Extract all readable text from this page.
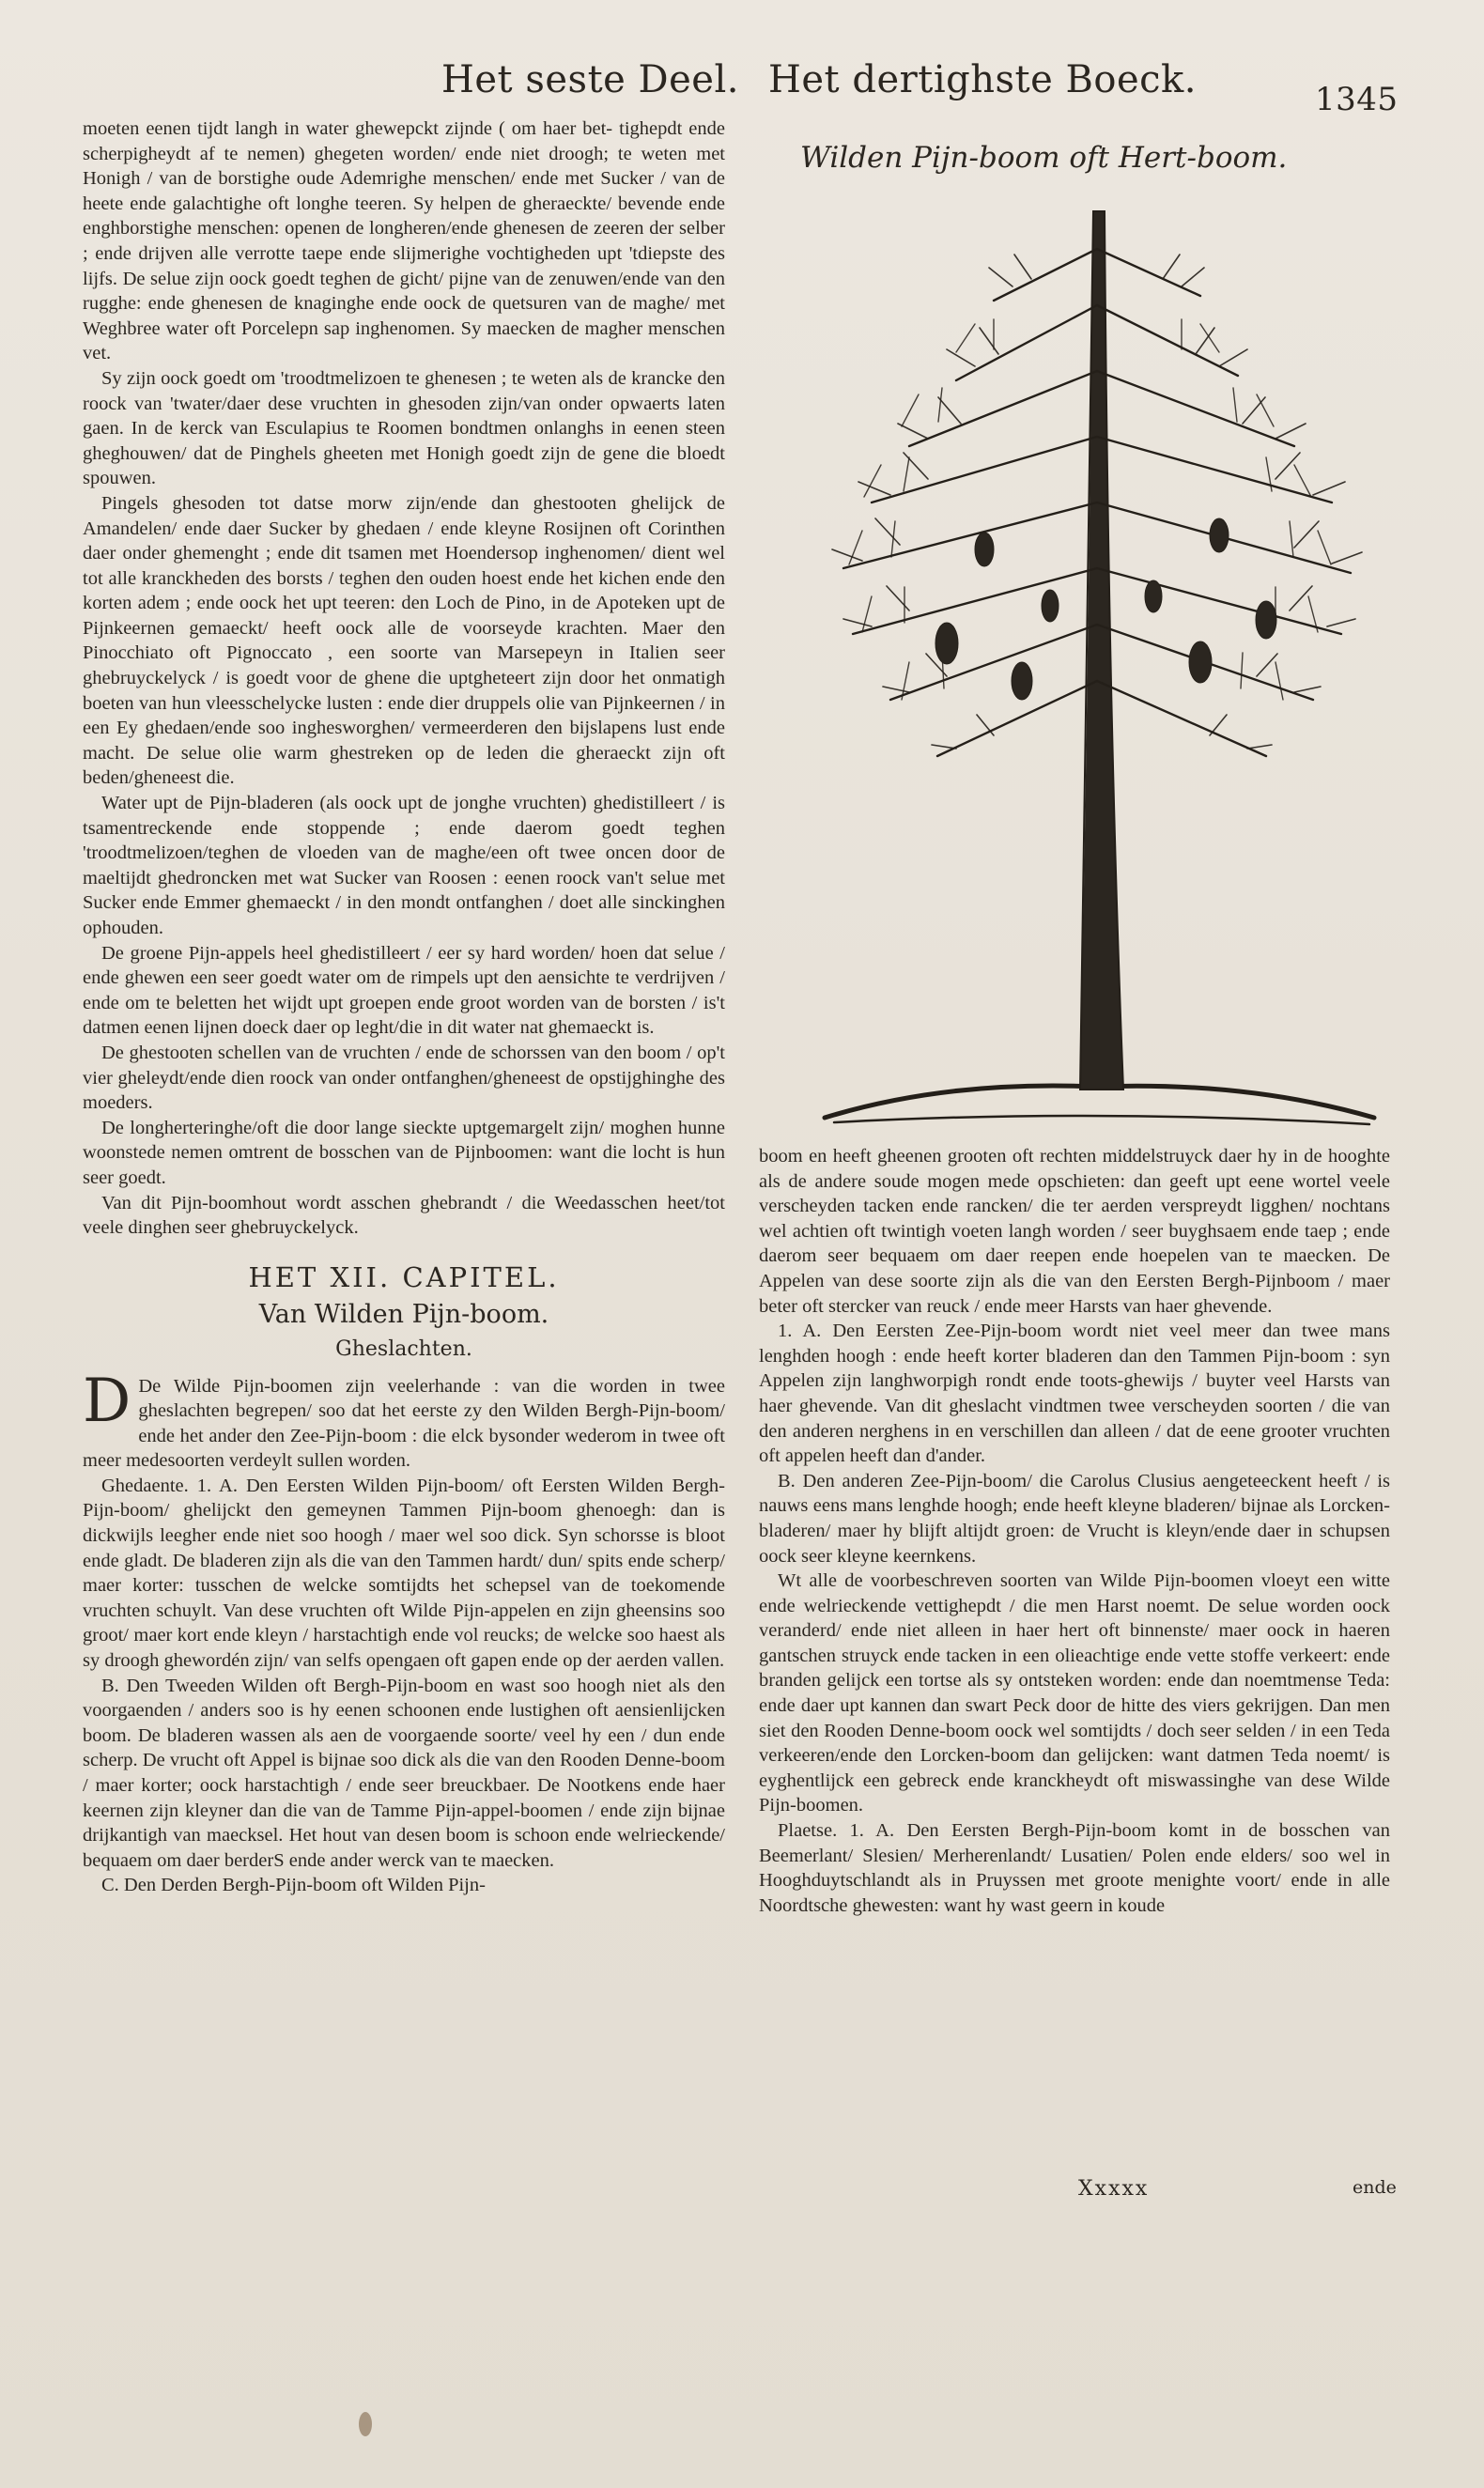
Het seste Deel. Het dertighste Boeck.	1345

moeten eenen tijdt langh in water ghewepckt zijnde ( om haer bet- tighepdt ende scherpigheydt af te nemen) ghegeten worden/ ende niet droogh; te weten met Honigh / van de borstighe oude Ademrighe menschen/ ende met Sucker / van de heete ende galachtighe oft longhe teeren. Sy helpen de gheraeckte/ bevende ende enghborstighe menschen: openen de longheren/ende ghenesen de zeeren der selber ; ende drijven alle verrotte taepe ende slijmerighe vochtigheden upt 'tdiepste des lijfs. De selue zijn oock goedt teghen de gicht/ pijne van de zenuwen/ende van den rugghe: ende ghenesen de knaginghe ende oock de quetsuren van de maghe/ met Weghbree water oft Porcelepn sap inghenomen. Sy maecken de magher menschen vet.

Sy zijn oock goedt om 'troodtmelizoen te ghenesen ; te weten als de krancke den roock van 'twater/daer dese vruchten in ghesoden zijn/van onder opwaerts laten gaen. In de kerck van Esculapius te Roomen bondtmen onlanghs in eenen steen gheghouwen/ dat de Pinghels gheeten met Honigh goedt zijn de gene die bloedt spouwen.

Pingels ghesoden tot datse morw zijn/ende dan ghestooten ghelijck de Amandelen/ ende daer Sucker by ghedaen / ende kleyne Rosijnen oft Corinthen daer onder ghemenght ; ende dit tsamen met Hoendersop inghenomen/ dient wel tot alle kranckheden des borsts / teghen den ouden hoest ende het kichen ende den korten adem ; ende oock het upt teeren: den Loch de Pino, in de Apoteken upt de Pijnkeernen gemaeckt/ heeft oock alle de voorseyde krachten. Maer den Pinocchiato oft Pignoccato , een soorte van Marsepeyn in Italien seer ghebruyckelyck / is goedt voor de ghene die uptgheteert zijn door het onmatigh boeten van hun vleesschelycke lusten : ende dier druppels olie van Pijnkeernen / in een Ey ghedaen/ende soo inghesworghen/ vermeerderen den bijslapens lust ende macht. De selue olie warm ghestreken op de leden die gheraeckt zijn oft beden/gheneest die.

Water upt de Pijn-bladeren (als oock upt de jonghe vruchten) ghedistilleert / is tsamentreckende ende stoppende ; ende daerom goedt teghen 'troodtmelizoen/teghen de vloeden van de maghe/een oft twee oncen door de maeltijdt ghedroncken met wat Sucker van Roosen : eenen roock van't selue met Sucker ende Emmer ghemaeckt / in den mondt ontfanghen / doet alle sinckinghen ophouden.

De groene Pijn-appels heel ghedistilleert / eer sy hard worden/ hoen dat selue / ende ghewen een seer goedt water om de rimpels upt den aensichte te verdrijven / ende om te beletten het wijdt upt groepen ende groot worden van de borsten / is't datmen eenen lijnen doeck daer op leght/die in dit water nat ghemaeckt is.

De ghestooten schellen van de vruchten / ende de schorssen van den boom / op't vier gheleydt/ende dien roock van onder ontfanghen/gheneest de opstijghinghe des moeders.

De longherteringhe/oft die door lange sieckte uptgemargelt zijn/ moghen hunne woonstede nemen omtrent de bosschen van de Pijnboomen: want die locht is hun seer goedt.

Van dit Pijn-boomhout wordt asschen ghebrandt / die Weedasschen heet/tot veele dinghen seer ghebruyckelyck.

HET XII. CAPITEL.
Van Wilden Pijn-boom.
Gheslachten.

D De Wilde Pijn-boomen zijn veelerhande : van die worden in twee gheslachten begrepen/ soo dat het eerste zy den Wilden Bergh-Pijn-boom/ ende het ander den Zee-Pijn-boom : die elck bysonder wederom in twee oft meer medesoorten verdeylt sullen worden.

Ghedaente. 1. A. Den Eersten Wilden Pijn-boom/ oft Eersten Wilden Bergh-Pijn-boom/ ghelijckt den gemeynen Tammen Pijn-boom ghenoegh: dan is dickwijls leegher ende niet soo hoogh / maer wel soo dick. Syn schorsse is bloot ende gladt. De bladeren zijn als die van den Tammen hardt/ dun/ spits ende scherp/ maer korter: tusschen de welcke somtijdts het schepsel van de toekomende vruchten schuylt. Van dese vruchten oft Wilde Pijn-appelen en zijn gheensins soo groot/ maer kort ende kleyn / harstachtigh ende vol reucks; de welcke soo haest als sy droogh ghewordén zijn/ van selfs opengaen oft gapen ende op der aerden vallen.

B. Den Tweeden Wilden oft Bergh-Pijn-boom en wast soo hoogh niet als den voorgaenden / anders soo is hy eenen schoonen ende lustighen oft aensienlijcken boom. De bladeren wassen als aen de voorgaende soorte/ veel hy een / dun ende scherp. De vrucht oft Appel is bijnae soo dick als die van den Rooden Denne-boom / maer korter; oock harstachtigh / ende seer breuckbaer. De Nootkens ende haer keernen zijn kleyner dan die van de Tamme Pijn-appel-boomen / ende zijn bijnae drijkantigh van maecksel. Het hout van desen boom is schoon ende welrieckende/ bequaem om daer berderS ende ander werck van te maecken.

C. Den Derden Bergh-Pijn-boom oft Wilden Pijn-

Wilden Pijn-boom oft Hert-boom.

boom en heeft gheenen grooten oft rechten middelstruyck daer hy in de hooghte als de andere soude mogen mede opschieten: dan geeft upt eene wortel veele verscheyden tacken ende rancken/ die ter aerden verspreydt ligghen/ nochtans wel achtien oft twintigh voeten langh worden / seer buyghsaem ende taep ; ende daerom seer bequaem om daer reepen ende hoepelen van te maecken. De Appelen van dese soorte zijn als die van den Eersten Bergh-Pijnboom / maer beter oft stercker van reuck / ende meer Harsts van haer ghevende.

1. A. Den Eersten Zee-Pijn-boom wordt niet veel meer dan twee mans lenghden hoogh : ende heeft korter bladeren dan den Tammen Pijn-boom : syn Appelen zijn langhworpigh rondt ende toots-ghewijs / buyter veel Harsts van haer ghevende. Van dit gheslacht vindtmen twee verscheyden soorten / die van den anderen nerghens in en verschillen dan alleen / dat de eene grooter vruchten oft appelen heeft dan d'ander.

B. Den anderen Zee-Pijn-boom/ die Carolus Clusius aengeteeckent heeft / is nauws eens mans lenghde hoogh; ende heeft kleyne bladeren/ bijnae als Lorcken-bladeren/ maer hy blijft altijdt groen: de Vrucht is kleyn/ende daer in schupsen oock seer kleyne keernkens.

Wt alle de voorbeschreven soorten van Wilde Pijn-boomen vloeyt een witte ende welrieckende vettighepdt / die men Harst noemt. De selue worden oock veranderd/ ende niet alleen in haer hert oft binnenste/ maer oock in haeren gantschen struyck ende tacken in een olieachtige ende vette stoffe verkeert: ende branden gelijck een tortse als sy ontsteken worden: ende dan noemtmense Teda: ende daer upt kannen dan swart Peck door de hitte des viers gekrijgen. Dan men siet den Rooden Denne-boom oock wel somtijdts / doch seer selden / in een Teda verkeeren/ende den Lorcken-boom dan gelijcken: want datmen Teda noemt/ is eyghentlijck een gebreck ende kranckheydt oft miswassinghe van dese Wilde Pijn-boomen.

Plaetse. 1. A. Den Eersten Bergh-Pijn-boom komt in de bosschen van Beemerlant/ Slesien/ Merherenlandt/ Lusatien/ Polen ende elders/ soo wel in Hooghduytschlandt als in Pruyssen met groote menighte voort/ ende in alle Noordtsche ghewesten: want hy wast geern in koude

Xxxxx	ende
